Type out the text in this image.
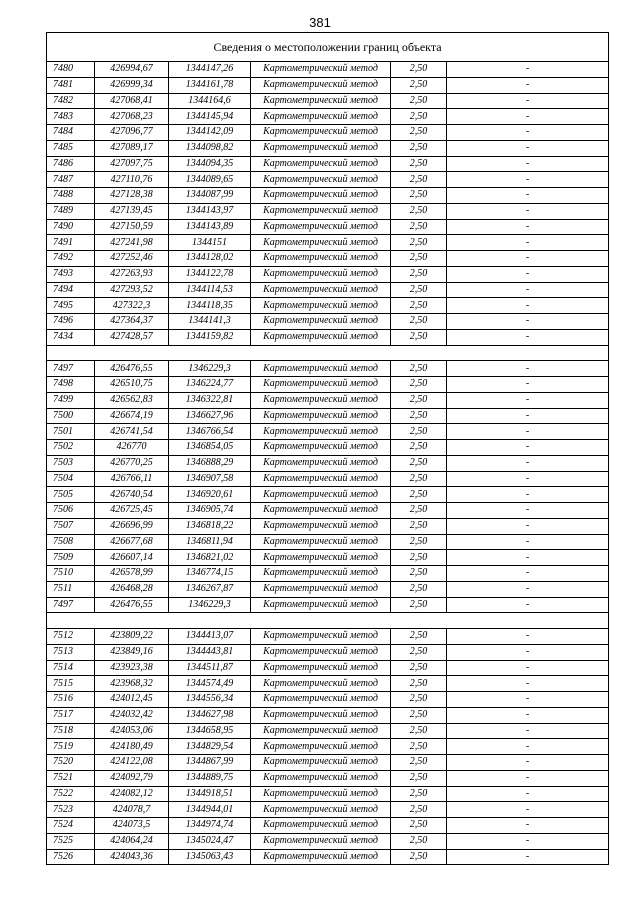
381
Сведения о местоположении границ объекта					
7480	426994,67	1344147,26	Картометрический метод	2,50	-
7481	426999,34	1344161,78	Картометрический метод	2,50	-
7482	427068,41	1344164,6	Картометрический метод	2,50	-
7483	427068,23	1344145,94	Картометрический метод	2,50	-
7484	427096,77	1344142,09	Картометрический метод	2,50	-
7485	427089,17	1344098,82	Картометрический метод	2,50	-
7486	427097,75	1344094,35	Картометрический метод	2,50	-
7487	427110,76	1344089,65	Картометрический метод	2,50	-
7488	427128,38	1344087,99	Картометрический метод	2,50	-
7489	427139,45	1344143,97	Картометрический метод	2,50	-
7490	427150,59	1344143,89	Картометрический метод	2,50	-
7491	427241,98	1344151	Картометрический метод	2,50	-
7492	427252,46	1344128,02	Картометрический метод	2,50	-
7493	427263,93	1344122,78	Картометрический метод	2,50	-
7494	427293,52	1344114,53	Картометрический метод	2,50	-
7495	427322,3	1344118,35	Картометрический метод	2,50	-
7496	427364,37	1344141,3	Картометрический метод	2,50	-
7434	427428,57	1344159,82	Картометрический метод	2,50	-

7497	426476,55	1346229,3	Картометрический метод	2,50	-
7498	426510,75	1346224,77	Картометрический метод	2,50	-
7499	426562,83	1346322,81	Картометрический метод	2,50	-
7500	426674,19	1346627,96	Картометрический метод	2,50	-
7501	426741,54	1346766,54	Картометрический метод	2,50	-
7502	426770	1346854,05	Картометрический метод	2,50	-
7503	426770,25	1346888,29	Картометрический метод	2,50	-
7504	426766,11	1346907,58	Картометрический метод	2,50	-
7505	426740,54	1346920,61	Картометрический метод	2,50	-
7506	426725,45	1346905,74	Картометрический метод	2,50	-
7507	426696,99	1346818,22	Картометрический метод	2,50	-
7508	426677,68	1346811,94	Картометрический метод	2,50	-
7509	426607,14	1346821,02	Картометрический метод	2,50	-
7510	426578,99	1346774,15	Картометрический метод	2,50	-
7511	426468,28	1346267,87	Картометрический метод	2,50	-
7497	426476,55	1346229,3	Картометрический метод	2,50	-

7512	423809,22	1344413,07	Картометрический метод	2,50	-
7513	423849,16	1344443,81	Картометрический метод	2,50	-
7514	423923,38	1344511,87	Картометрический метод	2,50	-
7515	423968,32	1344574,49	Картометрический метод	2,50	-
7516	424012,45	1344556,34	Картометрический метод	2,50	-
7517	424032,42	1344627,98	Картометрический метод	2,50	-
7518	424053,06	1344658,95	Картометрический метод	2,50	-
7519	424180,49	1344829,54	Картометрический метод	2,50	-
7520	424122,08	1344867,99	Картометрический метод	2,50	-
7521	424092,79	1344889,75	Картометрический метод	2,50	-
7522	424082,12	1344918,51	Картометрический метод	2,50	-
7523	424078,7	1344944,01	Картометрический метод	2,50	-
7524	424073,5	1344974,74	Картометрический метод	2,50	-
7525	424064,24	1345024,47	Картометрический метод	2,50	-
7526	424043,36	1345063,43	Картометрический метод	2,50	-
